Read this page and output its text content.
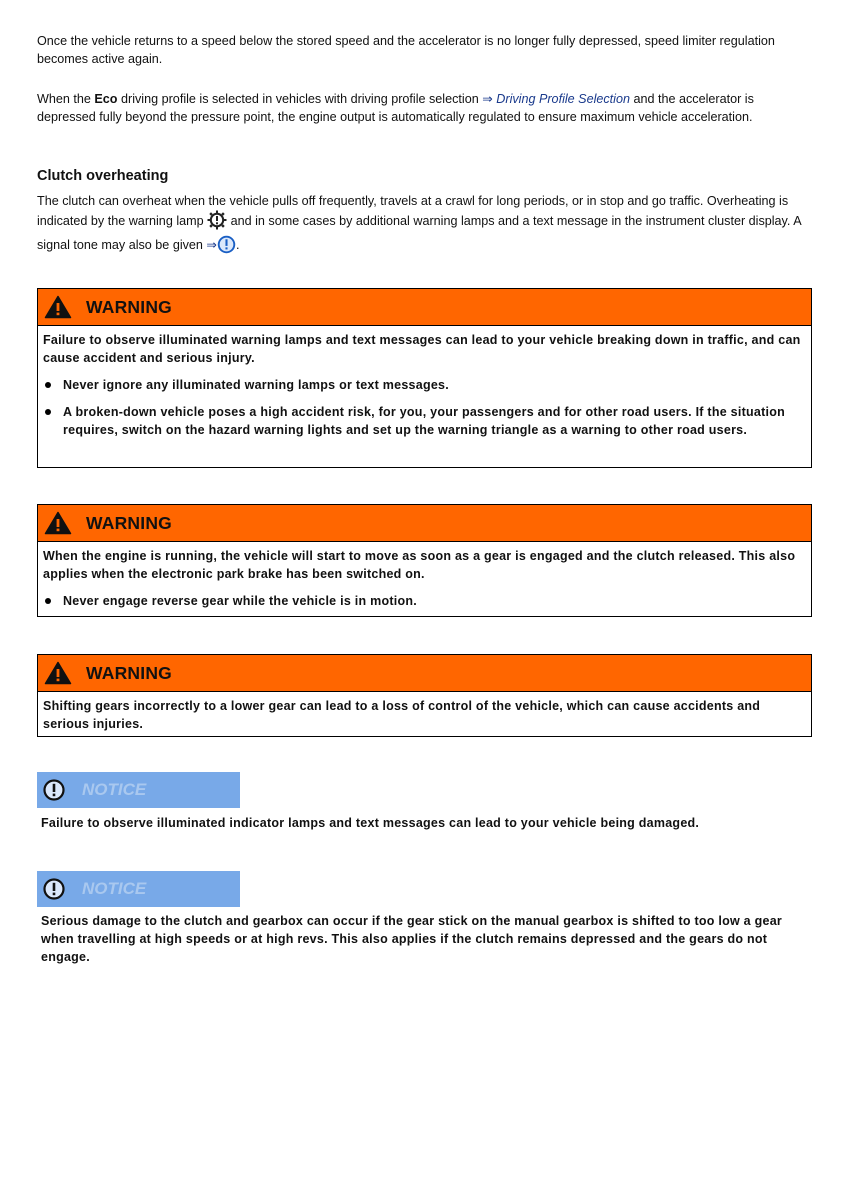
Once the vehicle returns to a speed below the stored speed and the accelerator is no longer fully depressed, speed limiter regulation becomes active again.

When the Eco driving profile is selected in vehicles with driving profile selection ⇒ Driving Profile Selection and the accelerator is depressed fully beyond the pressure point, the engine output is automatically regulated to ensure maximum vehicle acceleration.

Clutch overheating

The clutch can overheat when the vehicle pulls off frequently, travels at a crawl for long periods, or in stop and go traffic. Overheating is indicated by the warning lamp  and in some cases by additional warning lamps and a text message in the instrument cluster display. A signal tone may also be given ⇒ .

WARNING

Failure to observe illuminated warning lamps and text messages can lead to your vehicle breaking down in traffic, and can cause accident and serious injury.

Never ignore any illuminated warning lamps or text messages.
A broken-down vehicle poses a high accident risk, for you, your passengers and for other road users. If the situation requires, switch on the hazard warning lights and set up the warning triangle as a warning to other road users.
WARNING

When the engine is running, the vehicle will start to move as soon as a gear is engaged and the clutch released. This also applies when the electronic park brake has been switched on.

Never engage reverse gear while the vehicle is in motion.
WARNING

Shifting gears incorrectly to a lower gear can lead to a loss of control of the vehicle, which can cause accidents and serious injuries.

NOTICE

Failure to observe illuminated indicator lamps and text messages can lead to your vehicle being damaged.

NOTICE

Serious damage to the clutch and gearbox can occur if the gear stick on the manual gearbox is shifted to too low a gear when travelling at high speeds or at high revs. This also applies if the clutch remains depressed and the gears do not engage.
